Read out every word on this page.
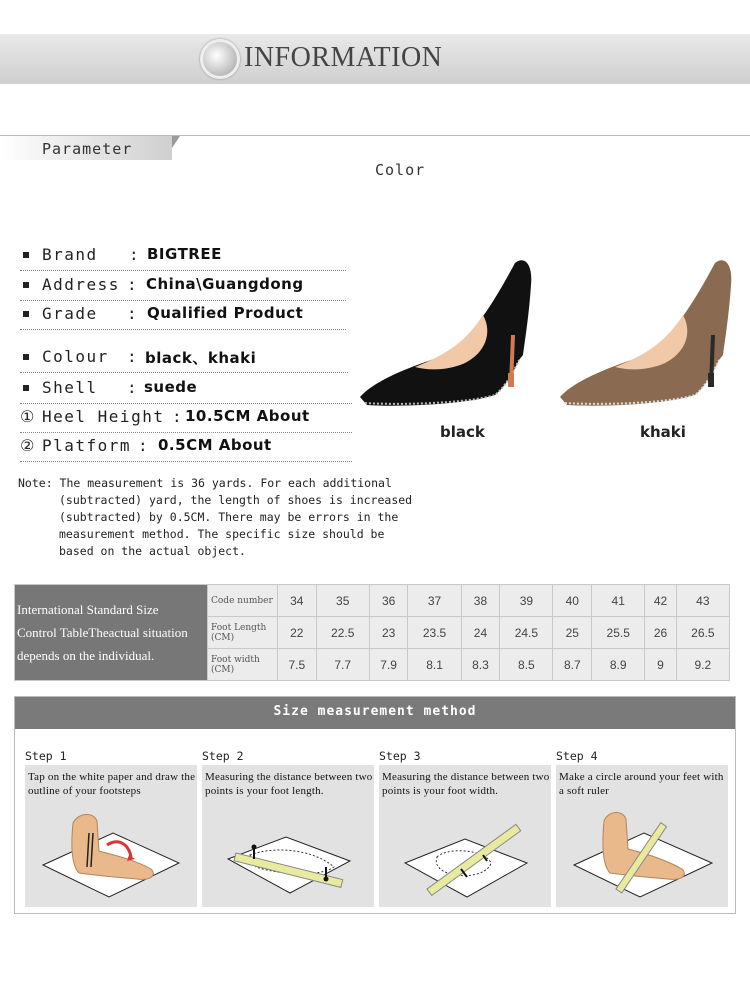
INFORMATION
Parameter
Color
Brand : BIGTREE
Address : China\Guangdong
Grade : Qualified Product
Colour : black、khaki
Shell : suede
① Heel Height : 10.5CM About
② Platform : 0.5CM About
black	khaki
Note: The measurement is 36 yards. For each additional
(subtracted) yard, the length of shoes is increased
(subtracted) by 0.5CM. There may be errors in the
measurement method. The specific size should be
based on the actual object.
International Standard Size
Control TableTheactual situation
depends on the individual.	Code number	34	35	36	37	38	39	40	41	42	43
	Foot Length (CM)	22	22.5	23	23.5	24	24.5	25	25.5	26	26.5
	Foot width (CM)	7.5	7.7	7.9	8.1	8.3	8.5	8.7	8.9	9	9.2
Size measurement method
Step 1
Tap on the white paper and draw the outline of your footsteps
Step 2
Measuring the distance between two points is your foot length.
Step 3
Measuring the distance between two points is your foot width.
Step 4
Make a circle around your feet with a soft ruler
